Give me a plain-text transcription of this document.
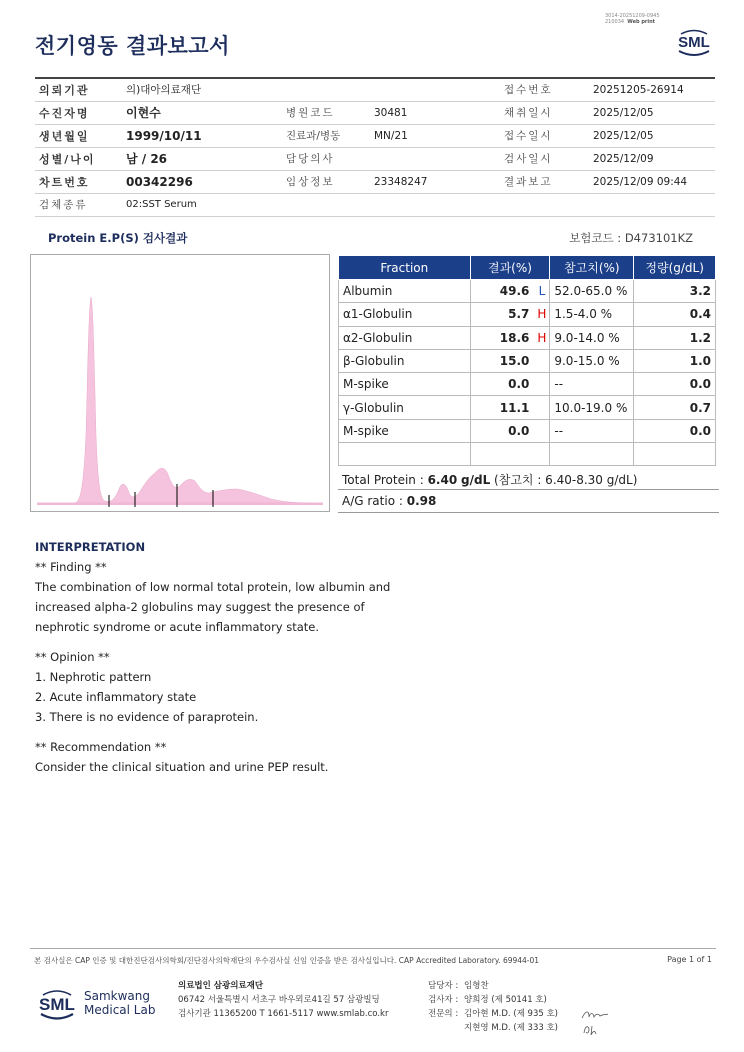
3014-20251209-0945
210034 Web print
전기영동 결과보고서	SML
의뢰기관	의)대아의료재단			접수번호	20251205-26914
수진자명	이현수	병원코드	30481	채취일시	2025/12/05
생년월일	1999/10/11	진료과/병동	MN/21	접수일시	2025/12/05
성별/나이	남 / 26	담당의사		검사일시	2025/12/09
차트번호	00342296	임상정보	23348247	결과보고	2025/12/09 09:44
검체종류	02:SST Serum				
Protein E.P(S) 검사결과	보험코드 : D473101KZ
Fraction	결과(%)	참고치(%)	정량(g/dL)
Albumin	49.6 L	52.0-65.0 %	3.2
α1-Globulin	5.7 H	1.5-4.0 %	0.4
α2-Globulin	18.6 H	9.0-14.0 %	1.2
β-Globulin	15.0	9.0-15.0 %	1.0
M-spike	0.0	--	0.0
γ-Globulin	11.1	10.0-19.0 %	0.7
M-spike	0.0	--	0.0

Total Protein : 6.40 g/dL (참고치 : 6.40-8.30 g/dL)
A/G ratio : 0.98
INTERPRETATION
** Finding **
The combination of low normal total protein, low albumin and
increased alpha-2 globulins may suggest the presence of
nephrotic syndrome or acute inflammatory state.
** Opinion **
1. Nephrotic pattern
2. Acute inflammatory state
3. There is no evidence of paraprotein.
** Recommendation **
Consider the clinical situation and urine PEP result.
본 검사실은 CAP 인증 및 대한진단검사의학회/진단검사의학재단의 우수검사실 신임 인증을 받은 검사실입니다. CAP Accredited Laboratory. 69944-01	Page 1 of 1
SML Samkwang
Medical Lab
의료법인 삼광의료재단
06742 서울특별시 서초구 바우뫼로41길 57 삼광빌딩
검사기관 11365200 T 1661-5117 www.smlab.co.kr
담당자 : 임형찬
검사자 : 양희정 (제 50141 호)
전문의 : 김아현 M.D. (제 935 호)
지현영 M.D. (제 333 호)
